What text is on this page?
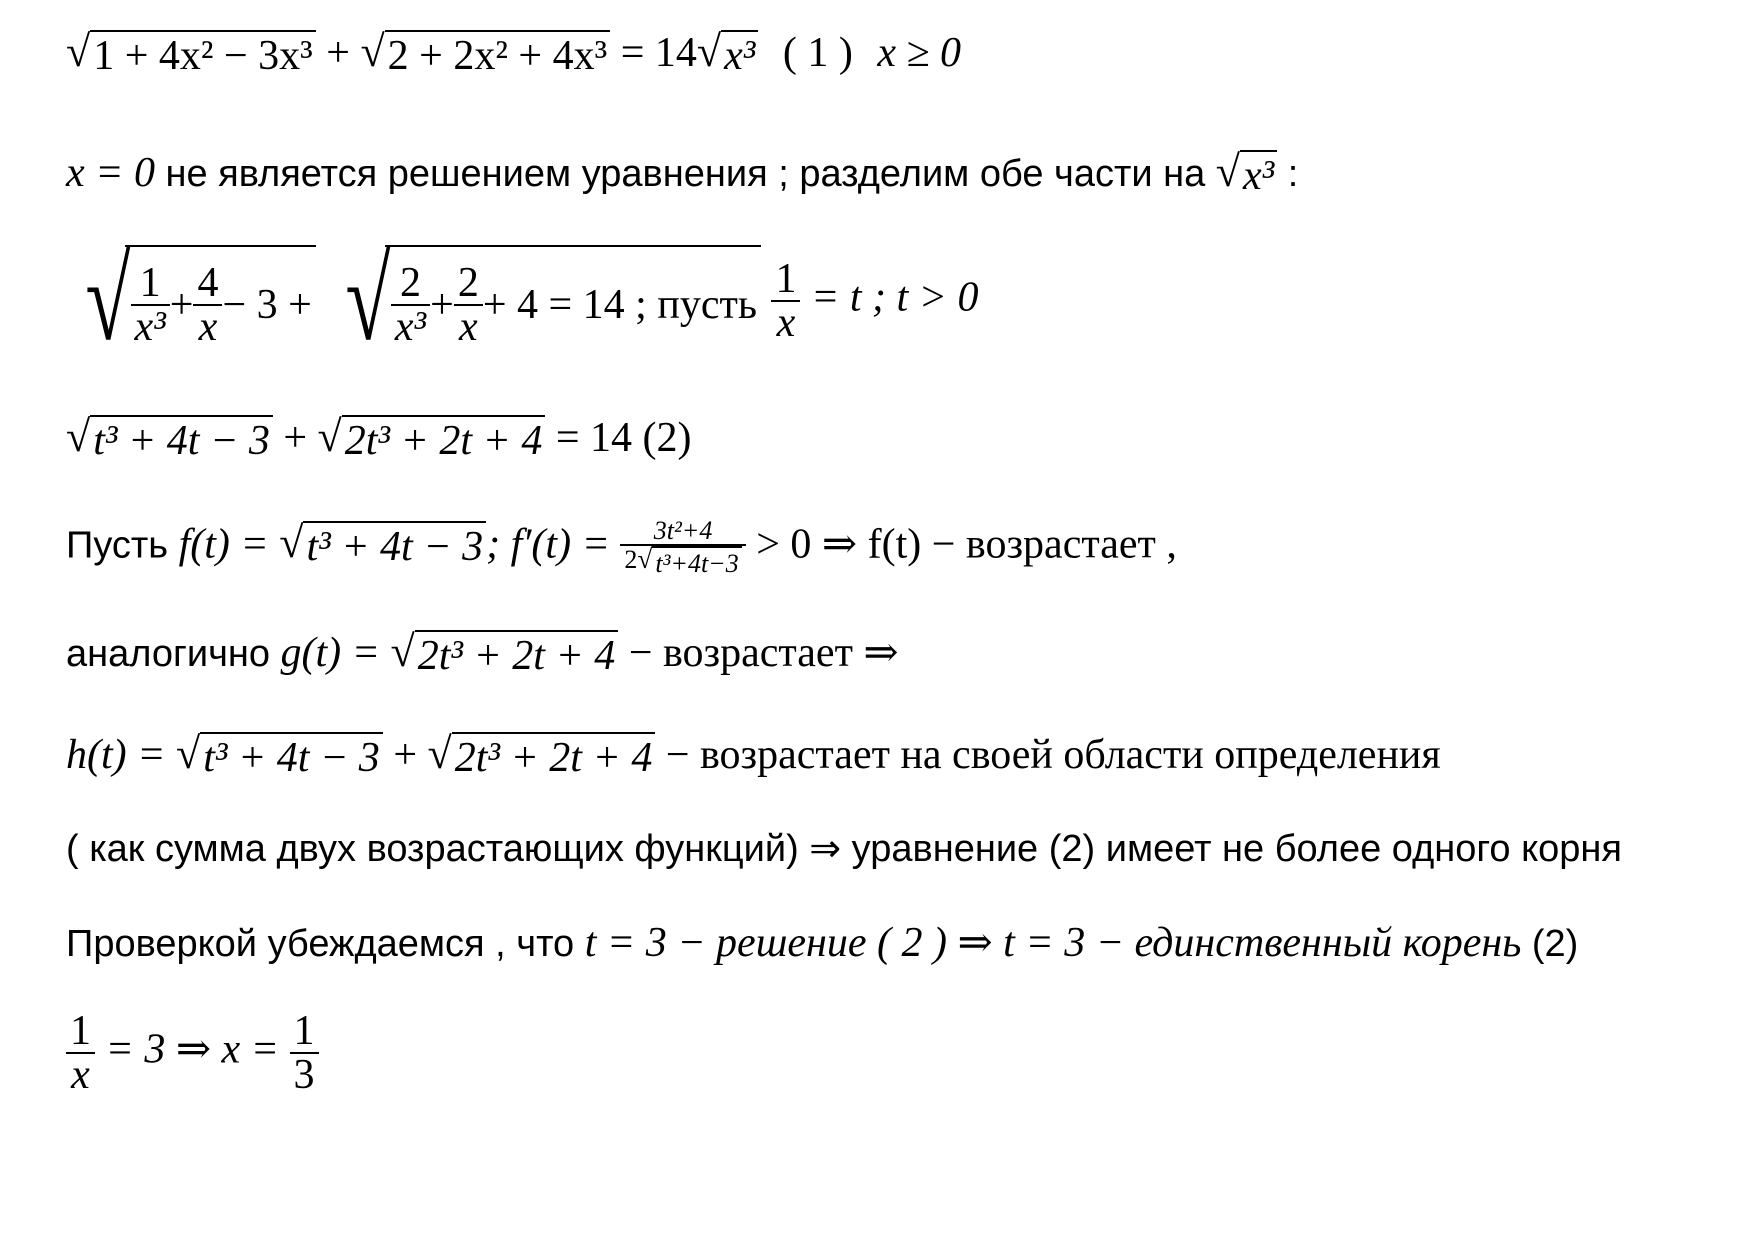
√ 1 + 4x² − 3x³ + √ 2 + 2x² + 4x³ = 14 √ x³ ( 1 ) x ≥ 0
x = 0 не является решением уравнения ; разделим обе части на √ x³ :
√ $\frac{1}{\text{x³}} + \frac{4}{x} - 3$ +
√ $\frac{2}{\text{x³}} + \frac{2}{x} + 4 = 14$ ; пусть
$\frac{1}{x} = t$ ; t > 0
√ t³ + 4t − 3 + √ 2t³ + 2t + 4 = 14 (2)
Пусть f(t) = √ t³ + 4t − 3 ; $f'(t) = \frac{\text{3t²+4}}{\text{2 √ t³+4t−3}} > 0$ ⇒ f(t) − возрастает ,
аналогично g(t) = √ 2t³ + 2t + 4 − возрастает ⇒
h(t) = √ t³ + 4t − 3 + √ 2t³ + 2t + 4 − возрастает на своей области определения
( как сумма двух возрастающих функций) ⇒ уравнение (2) имеет не более одного корня
Проверкой убеждаемся , что t = 3 − решение ( 2 ) ⇒ t = 3 − единственный корень (2)
$\frac{1}{x} = 3$ ⇒ $x = \frac{1}{3}$
